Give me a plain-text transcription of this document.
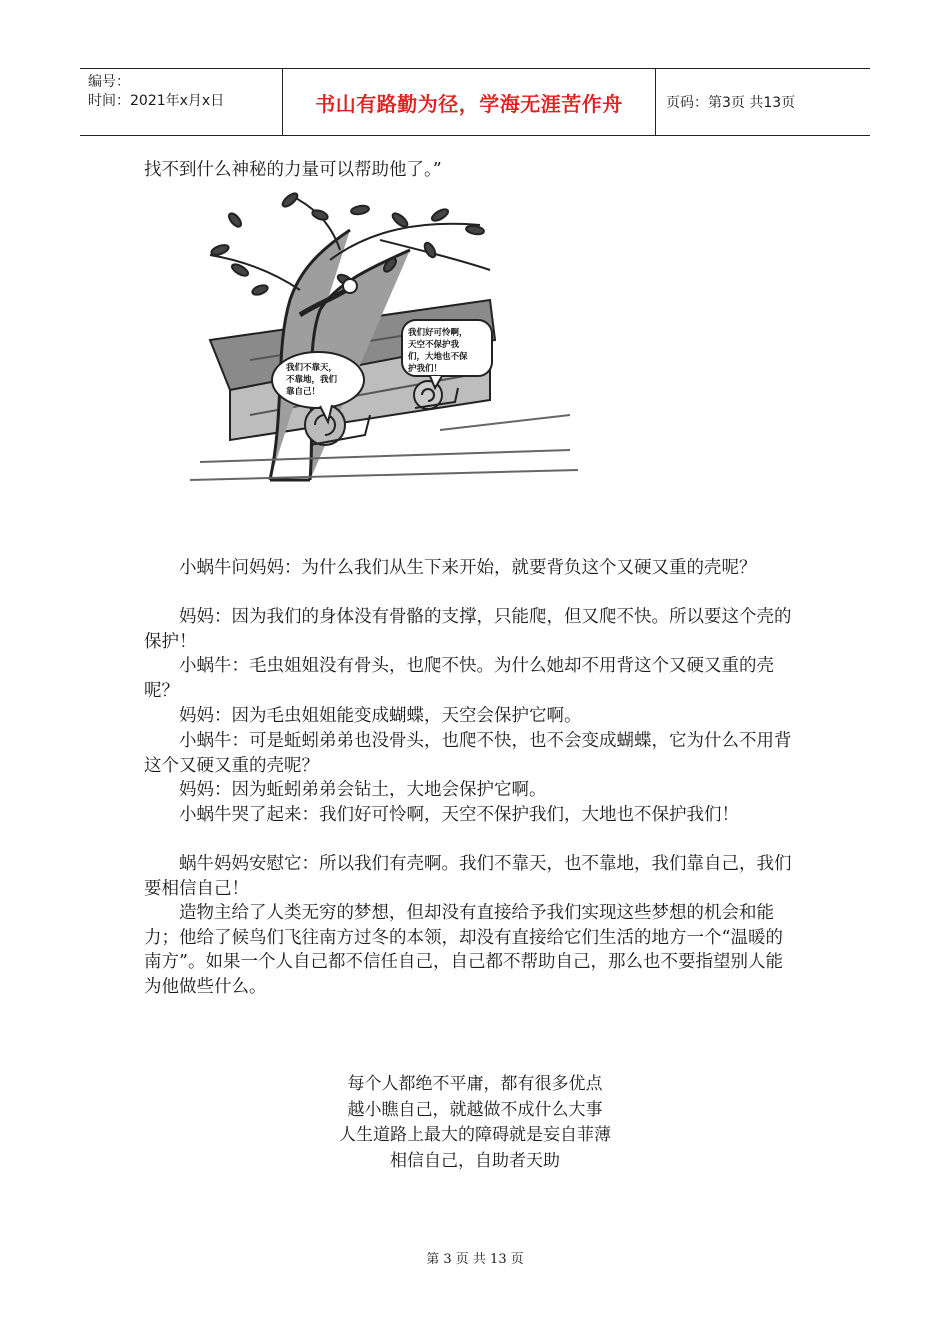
编号：
时间：2021年x月x日	书山有路勤为径，学海无涯苦作舟	页码：第3页 共13页

找不到什么神秘的力量可以帮助他了。”

我们不靠天，
不靠地，我们
靠自己！
我们好可怜啊，
天空不保护我
们，大地也不保
护我们！

小蜗牛问妈妈：为什么我们从生下来开始，就要背负这个又硬又重的壳呢？

妈妈：因为我们的身体没有骨骼的支撑，只能爬，但又爬不快。所以要这个壳的保护！

小蜗牛：毛虫姐姐没有骨头，也爬不快。为什么她却不用背这个又硬又重的壳呢？

妈妈：因为毛虫姐姐能变成蝴蝶，天空会保护它啊。

小蜗牛：可是蚯蚓弟弟也没骨头，也爬不快，也不会变成蝴蝶，它为什么不用背这个又硬又重的壳呢？

妈妈：因为蚯蚓弟弟会钻土，大地会保护它啊。

小蜗牛哭了起来：我们好可怜啊，天空不保护我们，大地也不保护我们！

蜗牛妈妈安慰它：所以我们有壳啊。我们不靠天，也不靠地，我们靠自己，我们要相信自己！

造物主给了人类无穷的梦想，但却没有直接给予我们实现这些梦想的机会和能力；他给了候鸟们飞往南方过冬的本领，却没有直接给它们生活的地方一个“温暖的南方”。如果一个人自己都不信任自己，自己都不帮助自己，那么也不要指望别人能为他做些什么。

每个人都绝不平庸，都有很多优点
越小瞧自己，就越做不成什么大事
人生道路上最大的障碍就是妄自菲薄
相信自己，自助者天助
第 3 页 共 13 页
